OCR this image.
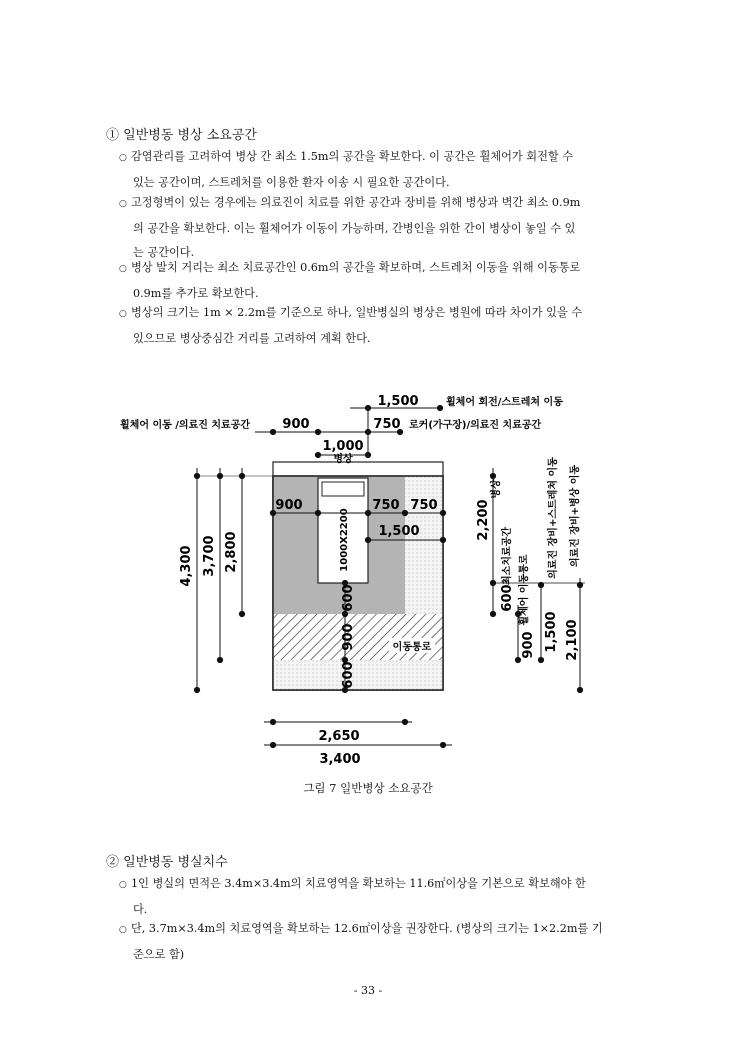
① 일반병동 병상 소요공간
○ 감염관리를 고려하여 병상 간 최소 1.5m의 공간을 확보한다. 이 공간은 휠체어가 회전할 수
있는 공간이며, 스트레처를 이용한 환자 이송 시 필요한 공간이다.
○ 고정형벽이 있는 경우에는 의료진이 치료를 위한 공간과 장비를 위해 병상과 벽간 최소 0.9m
의 공간을 확보한다. 이는 휠체어가 이동이 가능하며, 간병인을 위한 간이 병상이 놓일 수 있
는 공간이다.
○ 병상 발치 거리는 최소 치료공간인 0.6m의 공간을 확보하며, 스트레처 이동을 위해 이동통로
0.9m를 추가로 확보한다.
○ 병상의 크기는 1m × 2.2m를 기준으로 하나, 일반병실의 병상은 병원에 따라 차이가 있을 수
있으므로 병상중심간 거리를 고려하여 계획 한다.
1000X2200
900	750 750
1,500
600
900
600
이동통로
1,500
900	750
1,000
휠체어 회전/스트레쳐 이동
휠체어 이동 /의료진 치료공간	로커(가구장)/의료진 치료공간
병상
4,300 3,700 2,800
2,200
병상
최소치료공간
600 휠체어 이동통로
900
의료진 장비+스트레쳐 이동
1,500
의료진 장비+병상 이동
2,100
2,650
3,400
그림 7 일반병상 소요공간
② 일반병동 병실치수
○ 1인 병실의 면적은 3.4m×3.4m의 치료영역을 확보하는 11.6㎡이상을 기본으로 확보해야 한
다.
○ 단, 3.7m×3.4m의 치료영역을 확보하는 12.6㎡이상을 권장한다. (병상의 크기는 1×2.2m를 기
준으로 함)
- 33 -
